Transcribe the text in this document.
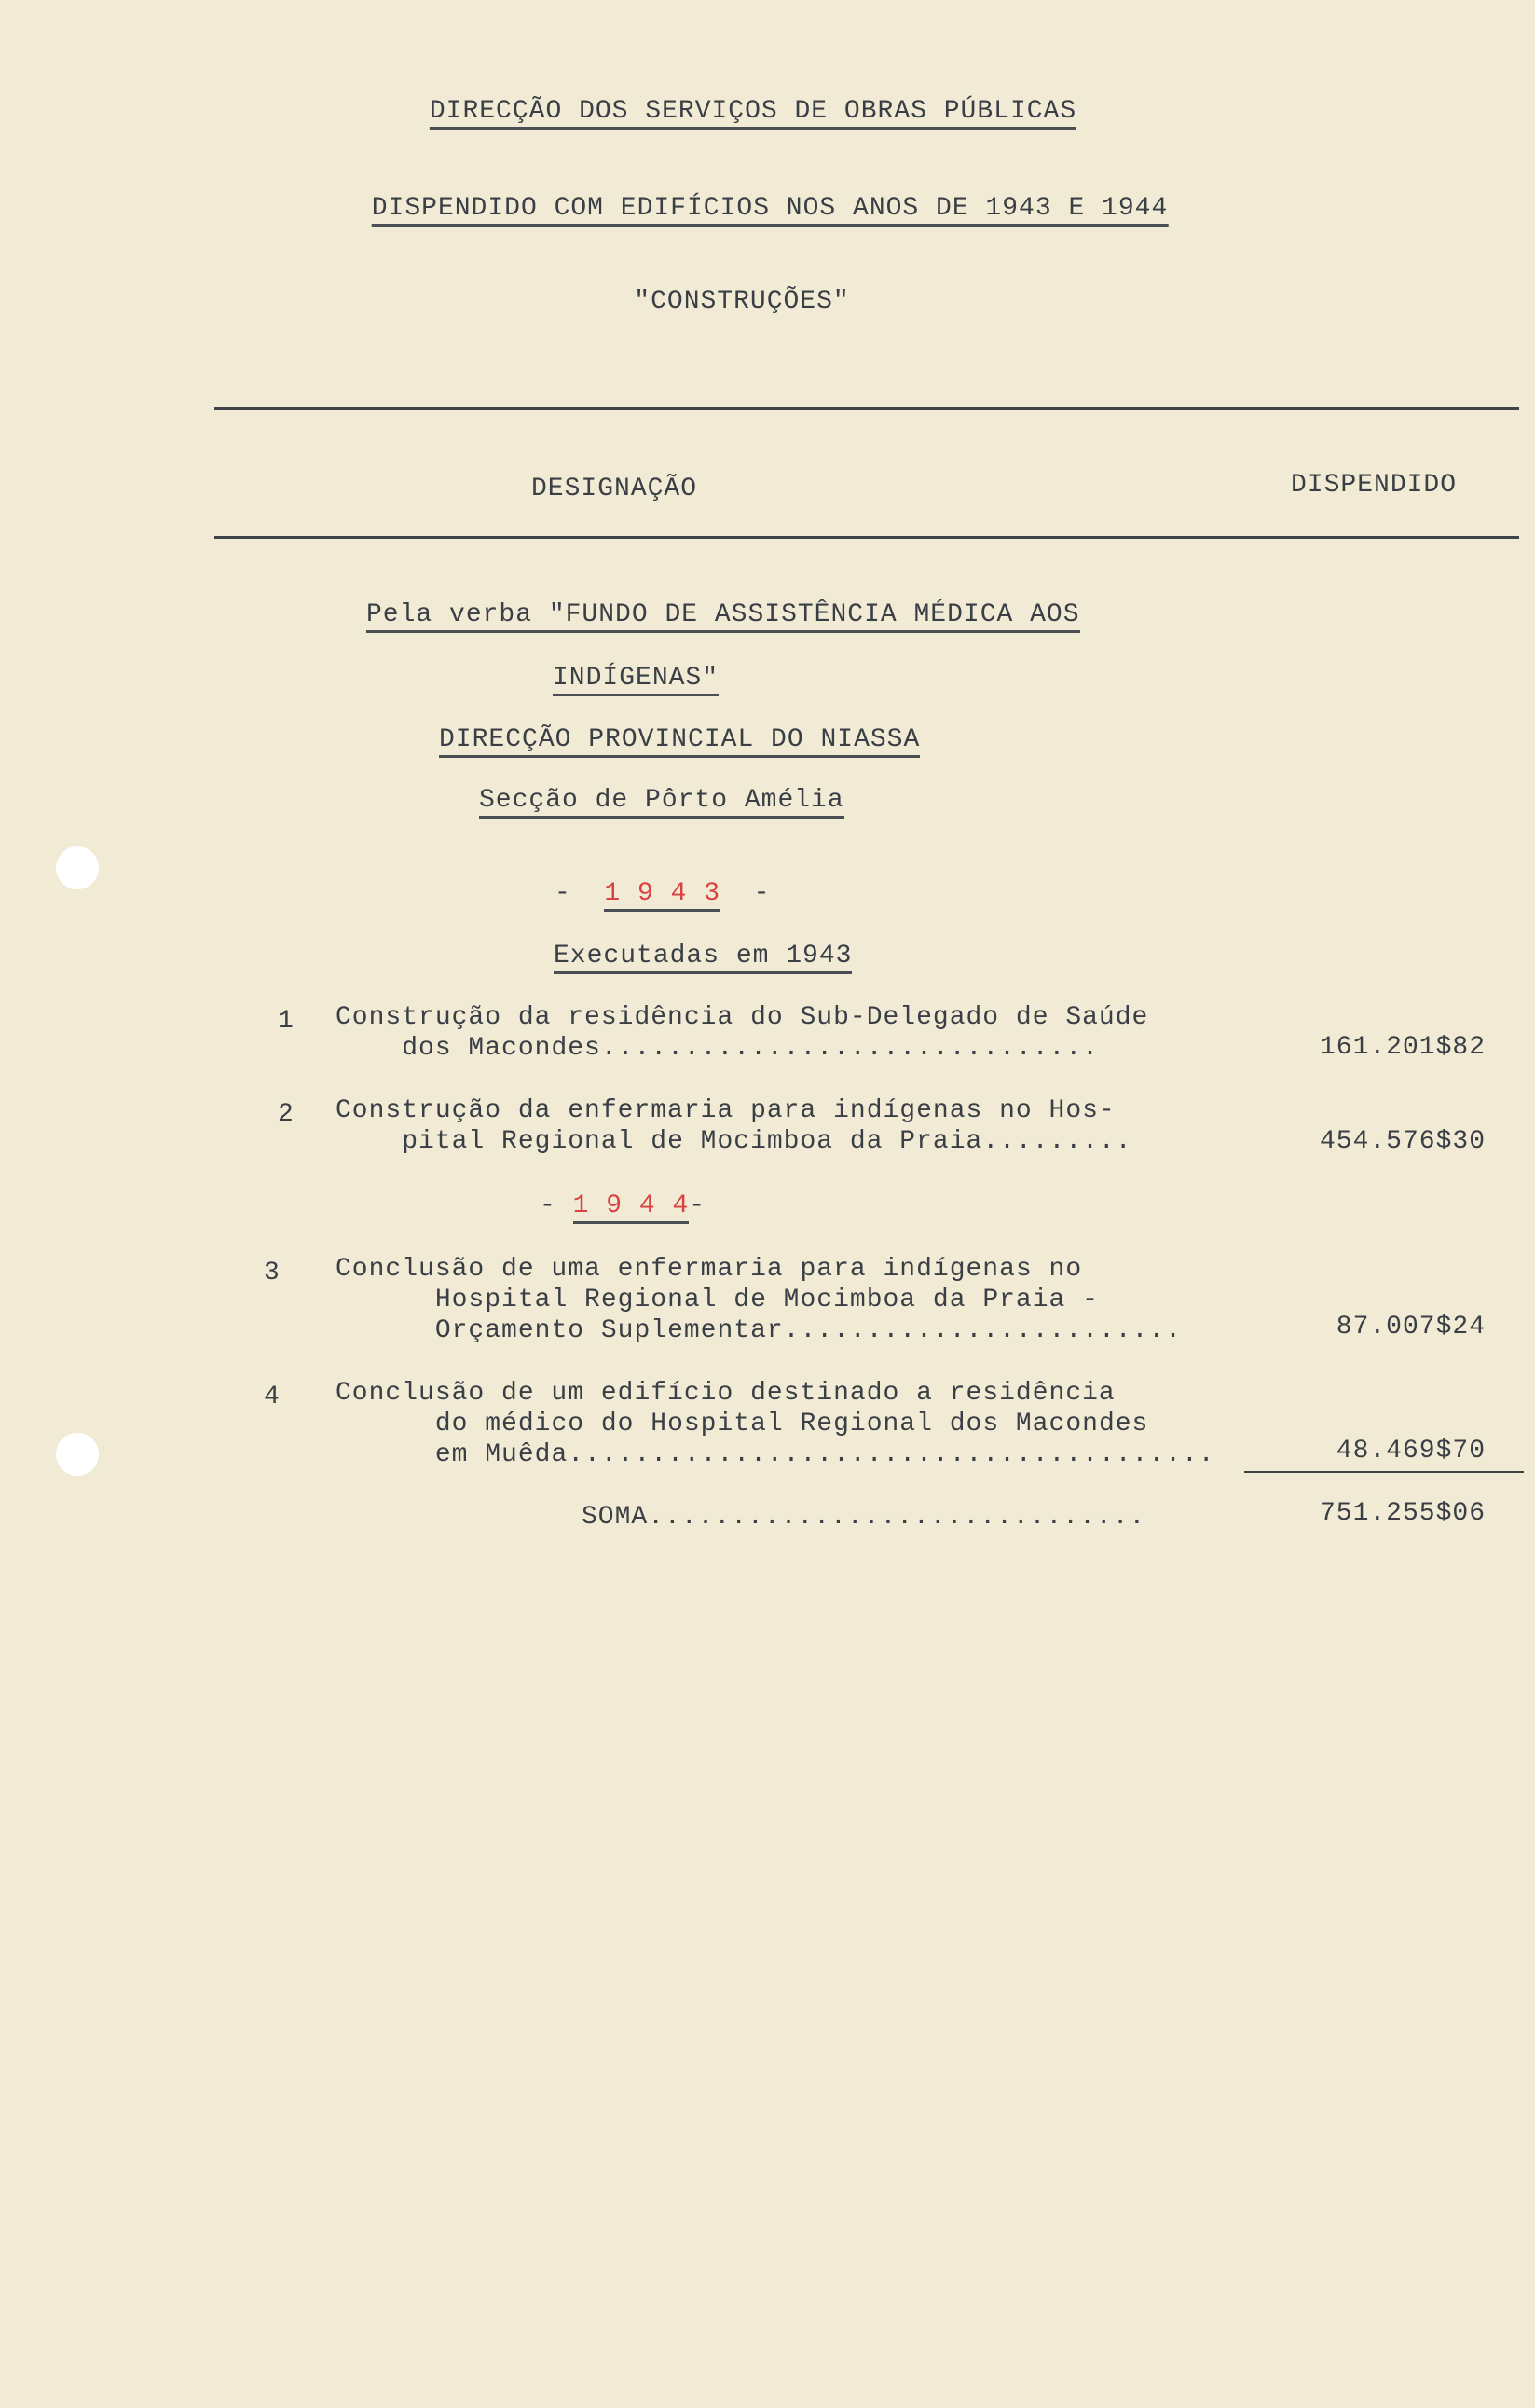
DIRECÇÃO DOS SERVIÇOS DE OBRAS PÚBLICAS
DISPENDIDO COM EDIFÍCIOS NOS ANOS DE 1943 E 1944
"CONSTRUÇÕES"
DESIGNAÇÃO	DISPENDIDO
Pela verba "FUNDO DE ASSISTÊNCIA MÉDICA AOS
INDÍGENAS"
DIRECÇÃO PROVINCIAL DO NIASSA
Secção de Pôrto Amélia
- 1 9 4 3 -
Executadas em 1943
1 Construção da residência do Sub-Delegado de Saúde
dos Macondes..............................	161.201$82
2 Construção da enfermaria para indígenas no Hos-
pital Regional de Mocimboa da Praia.........	454.576$30
- 1 9 4 4-
3 Conclusão de uma enfermaria para indígenas no
Hospital Regional de Mocimboa da Praia -
Orçamento Suplementar........................	87.007$24
4 Conclusão de um edifício destinado a residência
do médico do Hospital Regional dos Macondes
em Muêda.......................................	48.469$70
SOMA..............................	751.255$06
